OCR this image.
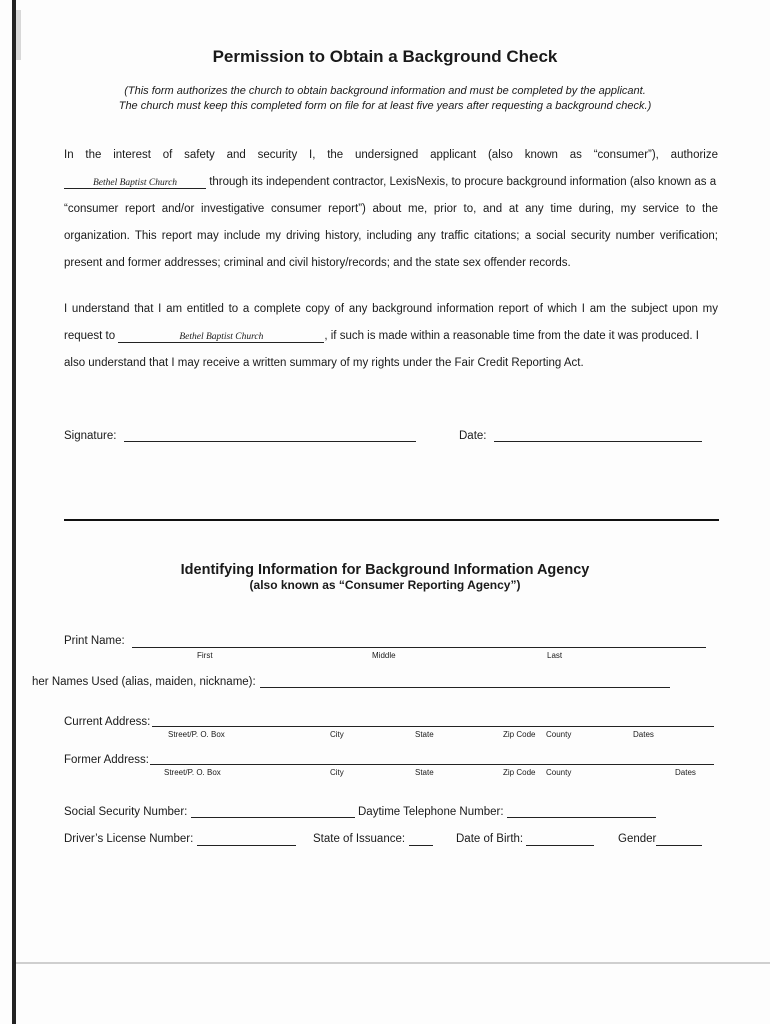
Permission to Obtain a Background Check
(This form authorizes the church to obtain background information and must be completed by the applicant.
The church must keep this completed form on file for at least five years after requesting a background check.)
In the interest of safety and security I, the undersigned applicant (also known as “consumer”), authorize
Bethel Baptist Church	through its independent contractor, LexisNexis, to procure background information (also known as a
“consumer report and/or investigative consumer report”) about me, prior to, and at any time during, my service to the
organization. This report may include my driving history, including any traffic citations; a social security number verification;
present and former addresses; criminal and civil history/records; and the state sex offender records.
I understand that I am entitled to a complete copy of any background information report of which I am the subject upon my
request to	Bethel Baptist Church	, if such is made within a reasonable time from the date it was produced. I
also understand that I may receive a written summary of my rights under the Fair Credit Reporting Act.
Signature:	Date:
Identifying Information for Background Information Agency
(also known as “Consumer Reporting Agency”)
Print Name:
First	Middle	Last
her Names Used (alias, maiden, nickname):
Current Address:
Street/P. O. Box	City	State	Zip Code County	Dates
Former Address:
Street/P. O. Box	City	State	Zip Code County	Dates
Social Security Number:	Daytime Telephone Number:
Driver’s License Number:	State of Issuance:	Date of Birth:	Gender
